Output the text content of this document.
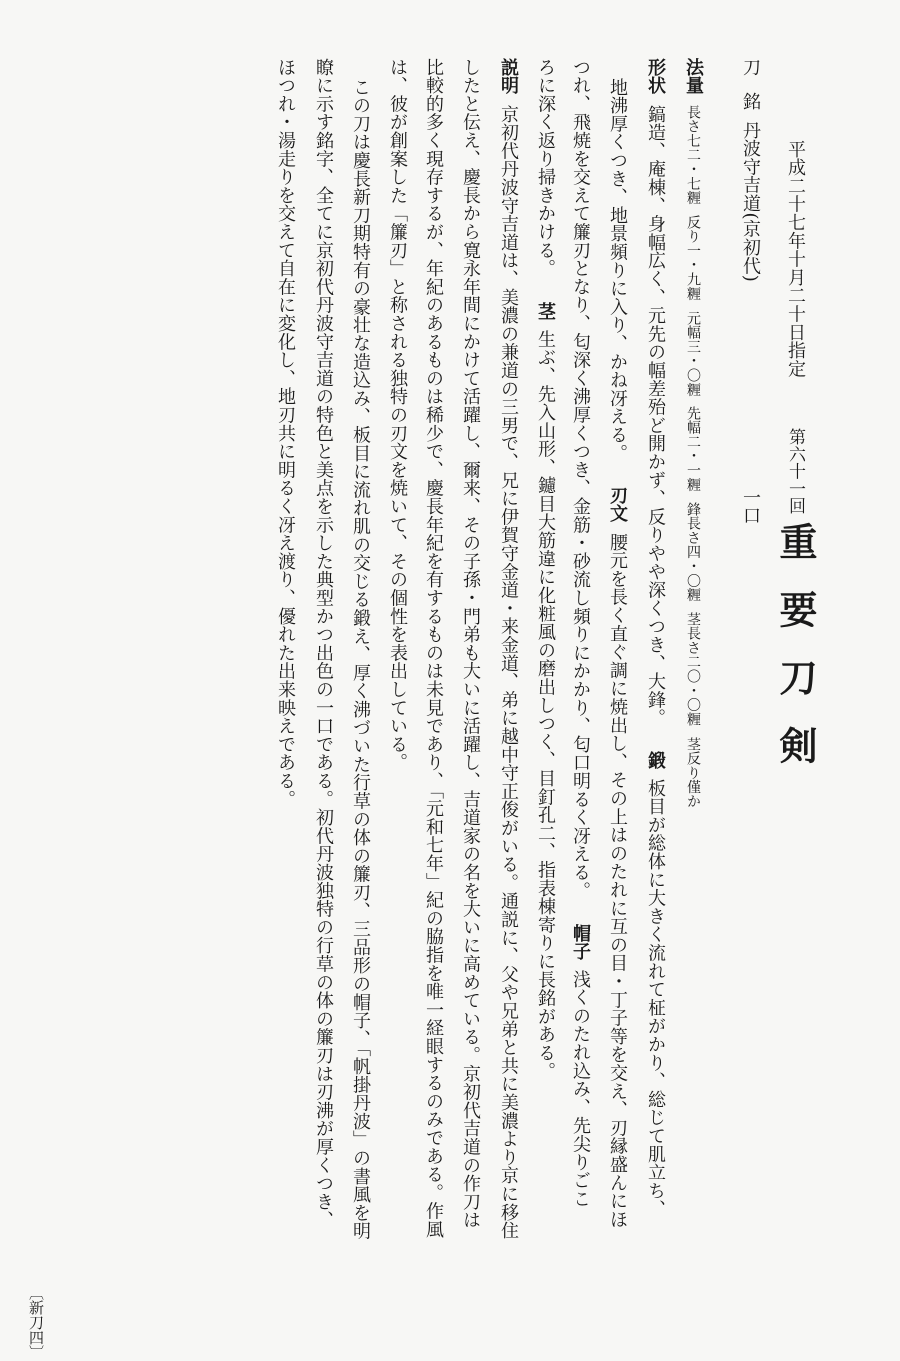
平成二十七年十月二十日指定
第六十一回
重要刀剣
刀銘丹波守吉道(京初代)
一口
法量長さ七二・七糎反り一・九糎元幅三・〇糎先幅二・一糎鋒長さ四・〇糎茎長さ二〇・〇糎茎反り僅か
形状鎬造、庵棟、身幅広く、元先の幅差殆ど開かず、反りやや深くつき、大鋒。鍛板目が総体に大きく流れて柾がかり、総じて肌立ち、
地沸厚くつき、地景頻りに入り、かね冴える。刃文腰元を長く直ぐ調に焼出し、その上はのたれに互の目・丁子等を交え、刃縁盛んにほ
つれ、飛焼を交えて簾刃となり、匂深く沸厚くつき、金筋・砂流し頻りにかかり、匂口明るく冴える。帽子浅くのたれ込み、先尖りごこ
ろに深く返り掃きかける。茎生ぶ、先入山形、鑢目大筋違に化粧風の磨出しつく、目釘孔二、指表棟寄りに長銘がある。
説明京初代丹波守吉道は、美濃の兼道の三男で、兄に伊賀守金道・来金道、弟に越中守正俊がいる。通説に、父や兄弟と共に美濃より京に移住
したと伝え、慶長から寛永年間にかけて活躍し、爾来、その子孫・門弟も大いに活躍し、吉道家の名を大いに高めている。京初代吉道の作刀は
比較的多く現存するが、年紀のあるものは稀少で、慶長年紀を有するものは未見であり、「元和七年」紀の脇指を唯一経眼するのみである。作風
は、彼が創案した「簾刃」と称される独特の刃文を焼いて、その個性を表出している。
この刀は慶長新刀期特有の豪壮な造込み、板目に流れ肌の交じる鍛え、厚く沸づいた行草の体の簾刃、三品形の帽子、「帆掛丹波」の書風を明
瞭に示す銘字、全てに京初代丹波守吉道の特色と美点を示した典型かつ出色の一口である。初代丹波独特の行草の体の簾刃は刃沸が厚くつき、
ほつれ・湯走りを交えて自在に変化し、地刃共に明るく冴え渡り、優れた出来映えである。
〔新刀四〕
